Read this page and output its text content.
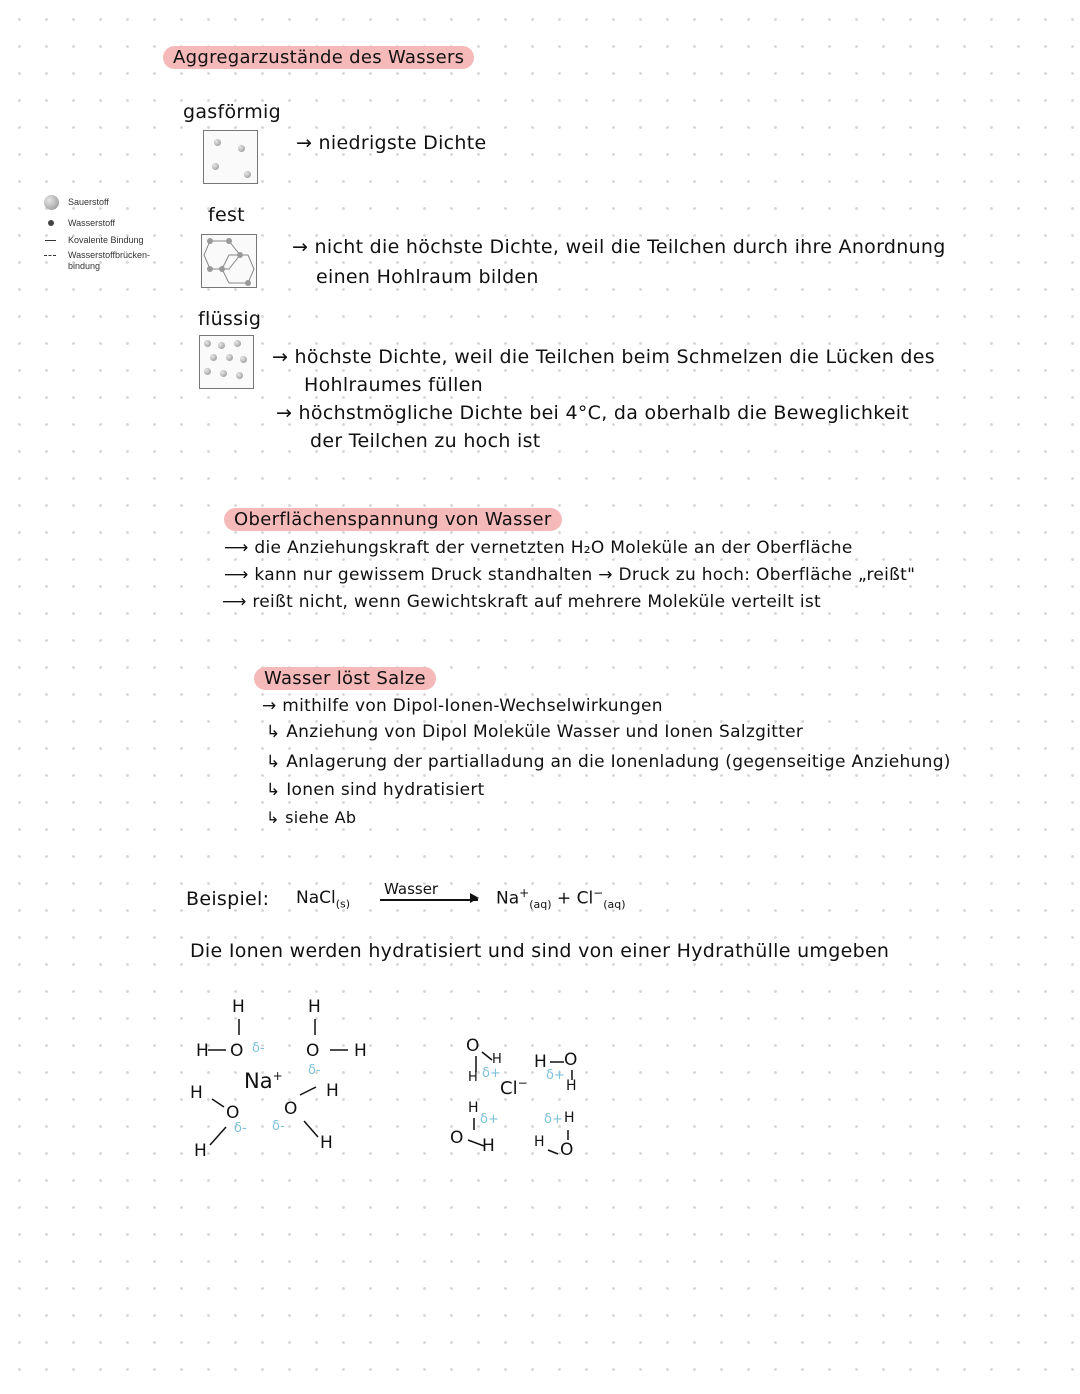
Aggregarzustände des Wassers
Sauerstoff
Wasserstoff
Kovalente Bindung
Wasserstoffbrücken-
bindung
gasförmig
→ niedrigste Dichte
fest
→ nicht die höchste Dichte, weil die Teilchen durch ihre Anordnung
einen Hohlraum bilden
flüssig
→ höchste Dichte, weil die Teilchen beim Schmelzen die Lücken des
Hohlraumes füllen
→ höchstmögliche Dichte bei 4°C, da oberhalb die Beweglichkeit
der Teilchen zu hoch ist
Oberflächenspannung von Wasser
⟶ die Anziehungskraft der vernetzten H₂O Moleküle an der Oberfläche
⟶ kann nur gewissem Druck standhalten → Druck zu hoch: Oberfläche „reißt"
⟶ reißt nicht, wenn Gewichtskraft auf mehrere Moleküle verteilt ist
Wasser löst Salze
→ mithilfe von Dipol-Ionen-Wechselwirkungen
↳ Anziehung von Dipol Moleküle Wasser und Ionen Salzgitter
↳ Anlagerung der partialladung an die Ionenladung (gegenseitige Anziehung)
↳ Ionen sind hydratisiert
↳ siehe Ab
Beispiel: NaCl$_{(s)}$
Wasser	$Na^+_{(aq)} + Cl^-_{(aq)}$
Die Ionen werden hydratisiert und sind von einer Hydrathülle umgeben
H
H O δ-
H
O H
δ-
Na+
H
O
δ-
H
O
δ-
H
H
O
H
δ+
H
H O
δ+
H
Cl−
H
δ+
O H
δ+ H
H O
